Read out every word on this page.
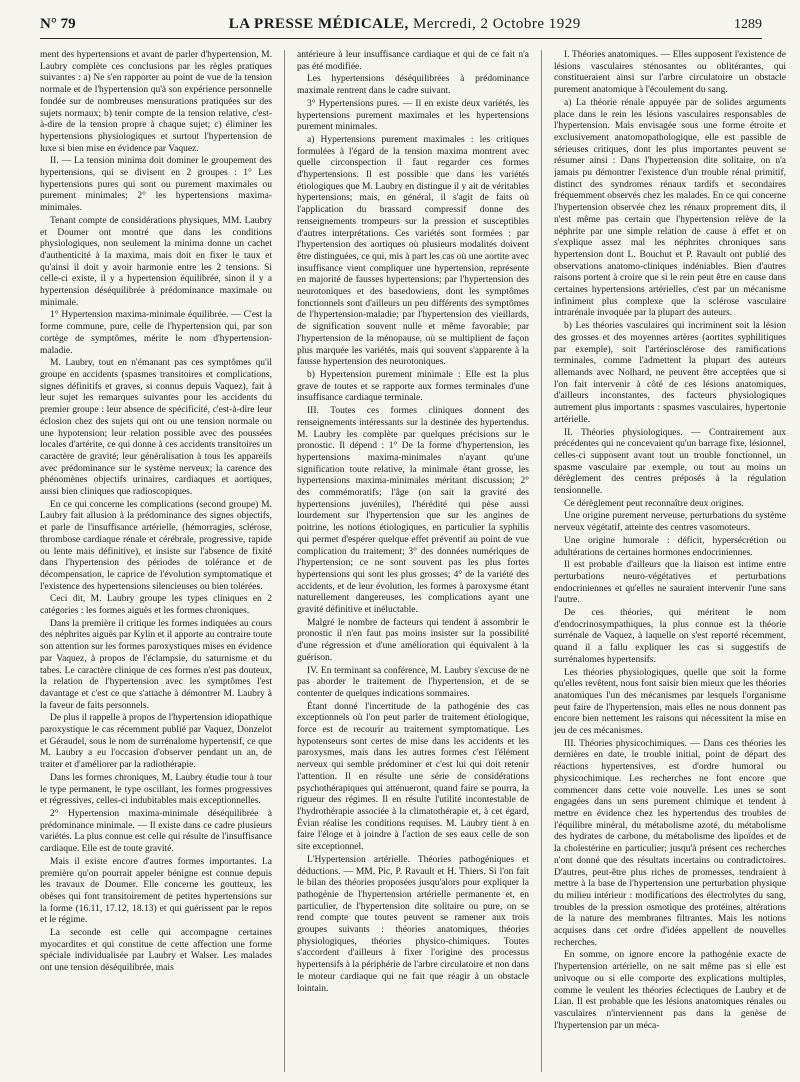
N° 79	LA PRESSE MÉDICALE, Mercredi, 2 Octobre 1929	1289

ment des hypertensions et avant de parler d'hypertension, M. Laubry complète ces conclusions par les règles pratiques suivantes : a) Ne s'en rapporter au point de vue de la tension normale et de l'hypertension qu'à son expérience personnelle fondée sur de nombreuses mensurations pratiquées sur des sujets normaux; b) tenir compte de la tension relative, c'est-à-dire de la tension propre à chaque sujet; c) éliminer les hypertensions physiologiques et surtout l'hypertension de luxe si bien mise en évidence par Vaquez.

II. — La tension minima doit dominer le groupement des hypertensions, qui se divisent en 2 groupes : 1° Les hypertensions pures qui sont ou purement maximales ou purement minimales; 2° les hypertensions maxima-minimales.

Tenant compte de considérations physiques, MM. Laubry et Doumer ont montré que dans les conditions physiologiques, non seulement la minima donne un cachet d'authenticité à la maxima, mais doit en fixer le taux et qu'ainsi il doit y avoir harmonie entre les 2 tensions. Si celle-ci existe, il y a hypertension équilibrée, sinon il y a hypertension déséquilibrée à prédominance maximale ou minimale.

1° Hypertension maxima-minimale équilibrée. — C'est la forme commune, pure, celle de l'hypertension qui, par son cortège de symptômes, mérite le nom d'hypertension-maladie.

M. Laubry, tout en n'émanant pas ces symptômes qu'il groupe en accidents (spasmes transitoires et complications, signes définitifs et graves, si connus depuis Vaquez), fait à leur sujet les remarques suivantes pour les accidents du premier groupe : leur absence de spécificité, c'est-à-dire leur éclosion chez des sujets qui ont ou une tension normale ou une hypotension; leur relation possible avec des poussées locales d'artérite, ce qui donne à ces accidents transitoires un caractère de gravité; leur généralisation à tous les appareils avec prédominance sur le système nerveux; la carence des phénomènes objectifs urinaires, cardiaques et aortiques, aussi bien cliniques que radioscopiques.

En ce qui concerne les complications (second groupe) M. Laubry fait allusion à la prédominance des signes objectifs, et parle de l'insuffisance artérielle, (hémorragies, sclérose, thrombose cardiaque rénale et cérébrale, progressive, rapide ou lente mais définitive), et insiste sur l'absence de fixité dans l'hypertension des périodes de tolérance et de décompensation, le caprice de l'évolution symptomatique et l'existence des hypertensions silencieuses ou bien tolérées.

Ceci dit, M. Laubry groupe les types cliniques en 2 catégories : les formes aiguës et les formes chroniques.

Dans la première il critique les formes indiquées au cours des néphrites aiguës par Kylin et il apporte au contraire toute son attention sur les formes paroxystiques mises en évidence par Vaquez, à propos de l'éclampsie, du saturnisme et du tabes. Le caractère clinique de ces formes n'est pas douteux, la relation de l'hypertension avec les symptômes l'est davantage et c'est ce que s'attache à démontrer M. Laubry à la faveur de faits personnels.

De plus il rappelle à propos de l'hypertension idiopathique paroxystique le cas récemment publié par Vaquez, Donzelot et Géraudel, sous le nom de surrénalome hypertensif, ce que M. Laubry a eu l'occasion d'observer pendant un an, de traiter et d'améliorer par la radiothérapie.

Dans les formes chroniques, M. Laubry étudie tour à tour le type permanent, le type oscillant, les formes progressives et régressives, celles-ci indubitables mais exceptionnelles.

2° Hypertension maxima-minimale déséquilibrée à prédominance minimale. — Il existe dans ce cadre plusieurs variétés. La plus connue est celle qui résulte de l'insuffisance cardiaque. Elle est de toute gravité.

Mais il existe encore d'autres formes importantes. La première qu'on pourrait appeler bénigne est connue depuis les travaux de Doumer. Elle concerne les goutteux, les obèses qui font transitoirement de petites hypertensions sur la forme (16.11, 17.12, 18.13) et qui guérissent par le repos et le régime.

La seconde est celle qui accompagne certaines myocardites et qui constitue de cette affection une forme spéciale individualisée par Laubry et Walser. Les malades ont une tension déséquilibrée, mais

antérieure à leur insuffisance cardiaque et qui de ce fait n'a pas été modifiée.

Les hypertensions déséquilibrées à prédominance maximale rentrent dans le cadre suivant.

3° Hypertensions pures. — Il en existe deux variétés, les hypertensions purement maximales et les hypertensions purement minimales.

a) Hypertensions purement maximales : les critiques formulées à l'égard de la tension maxima montrent avec quelle circonspection il faut regarder ces formes d'hypertensions. Il est possible que dans les variétés étiologiques que M. Laubry en distingue il y ait de véritables hypertensions; mais, en général, il s'agit de faits où l'application du brassard compressif donne des renseignements trompeurs sur la pression et susceptibles d'autres interprétations. Ces variétés sont formées : par l'hypertension des aortiques où plusieurs modalités doivent être distinguées, ce qui, mis à part les cas où une aortite avec insuffisance vient compliquer une hypertension, représente en majorité de fausses hypertensions; par l'hypertension des neurotoniques et des basedowiens, dont les symptômes fonctionnels sont d'ailleurs un peu différents des symptômes de l'hypertension-maladie; par l'hypertension des vieillards, de signification souvent nulle et même favorable; par l'hypertension de la ménopause, où se multiplient de façon plus marquée les variétés, mais qui souvent s'apparente à la fausse hypertension des neurotoniques.

b) Hypertension purement minimale : Elle est la plus grave de toutes et se rapporte aux formes terminales d'une insuffisance cardiaque terminale.

III. Toutes ces formes cliniques donnent des renseignements intéressants sur la destinée des hypertendus. M. Laubry les complète par quelques précisions sur le pronostic. Il dépend : 1° De la forme d'hypertension, les hypertensions maxima-minimales n'ayant qu'une signification toute relative, la minimale étant grosse, les hypertensions maxima-minimales méritant discussion; 2° des commémoratifs; l'âge (on sait la gravité des hypertensions juvéniles), l'hérédité qui pèse aussi lourdement sur l'hypertension que sur les angines de poitrine, les notions étiologiques, en particulier la syphilis qui permet d'espérer quelque effet préventif au point de vue complication du traitement; 3° des données numériques de l'hypertension; ce ne sont souvent pas les plus fortes hypertensions qui sont les plus grosses; 4° de la variété des accidents, et de leur évolution, les formes à paroxysme étant naturellement dangereuses, les complications ayant une gravité définitive et inéluctable.

Malgré le nombre de facteurs qui tendent à assombrir le pronostic il n'en faut pas moins insister sur la possibilité d'une régression et d'une amélioration qui équivalent à la guérison.

IV. En terminant sa conférence, M. Laubry s'excuse de ne pas aborder le traitement de l'hypertension, et de se contenter de quelques indications sommaires.

Étant donné l'incertitude de la pathogénie des cas exceptionnels où l'on peut parler de traitement étiologique, force est de recourir au traitement symptomatique. Les hypotenseurs sont certes de mise dans les accidents et les paroxysmes, mais dans les autres formes c'est l'élément nerveux qui semble prédominer et c'est lui qui doit retenir l'attention. Il en résulte une série de considérations psychothérapiques qui atténueront, quand faire se pourra, la rigueur des régimes. Il en résulte l'utilité incontestable de l'hydrothérapie associée à la climatothérapie et, à cet égard, Évian réalise les conditions requises. M. Laubry tient à en faire l'éloge et à joindre à l'action de ses eaux celle de son site exceptionnel.

L'Hypertension artérielle. Théories pathogéniques et déductions. — MM. Pic, P. Ravault et H. Thiers. Si l'on fait le bilan des théories proposées jusqu'alors pour expliquer la pathogénie de l'hypertension artérielle permanente et, en particulier, de l'hypertension dite solitaire ou pure, on se rend compte que toutes peuvent se ramener aux trois groupes suivants : théories anatomiques, théories physiologiques, théories physico-chimiques. Toutes s'accordent d'ailleurs à fixer l'origine des processus hypertensifs à la périphérie de l'arbre circulatoire et non dans le moteur cardiaque qui ne fait que réagir à un obstacle lointain.

I. Théories anatomiques. — Elles supposent l'existence de lésions vasculaires sténosantes ou oblitérantes, qui constitueraient ainsi sur l'arbre circulatoire un obstacle purement anatomique à l'écoulement du sang.

a) La théorie rénale appuyée par de solides arguments place dans le rein les lésions vasculaires responsables de l'hypertension. Mais envisagée sous une forme étroite et exclusivement anatomopathologique, elle est passible de sérieuses critiques, dont les plus importantes peuvent se résumer ainsi : Dans l'hypertension dite solitaire, on n'a jamais pu démontrer l'existence d'un trouble rénal primitif, distinct des syndromes rénaux tardifs et secondaires fréquemment observés chez les malades. En ce qui concerne l'hypertension observée chez les rénaux proprement dits, il n'est même pas certain que l'hypertension relève de la néphrite par une simple relation de cause à effet et on s'explique assez mal les néphrites chroniques sans hypertension dont L. Bouchut et P. Ravault ont publié des observations anatomo-cliniques indéniables. Bien d'autres raisons portent à croire que si le rein peut être en cause dans certaines hypertensions artérielles, c'est par un mécanisme infiniment plus complexe que la sclérose vasculaire intrarénale invoquée par la plupart des auteurs.

b) Les théories vasculaires qui incriminent soit la lésion des grosses et des moyennes artères (aortites syphilitiques par exemple), soit l'artériosclérose des ramifications terminales, comme l'admettent la plupart des auteurs allemands avec Nolhard, ne peuvent être acceptées que si l'on fait intervenir à côté de ces lésions anatomiques, d'ailleurs inconstantes, des facteurs physiologiques autrement plus importants : spasmes vasculaires, hypertonie artérielle.

II. Théories physiologiques. — Contrairement aux précédentes qui ne concevaient qu'un barrage fixe, lésionnel, celles-ci supposent avant tout un trouble fonctionnel, un spasme vasculaire par exemple, ou tout au moins un dérèglement des centres préposés à la régulation tensionnelle.

Ce dérèglement peut reconnaître deux origines.

Une origine purement nerveuse, perturbations du système nerveux végétatif, atteinte des centres vasomoteurs.

Une origine humorale : déficit, hypersécrétion ou adultérations de certaines hormones endocriniennes.

Il est probable d'ailleurs que la liaison est intime entre perturbations neuro-végétatives et perturbations endocriniennes et qu'elles ne sauraient intervenir l'une sans l'autre.

De ces théories, qui méritent le nom d'endocrinosympathiques, la plus connue est la théorie surrénale de Vaquez, à laquelle on s'est reporté récemment, quand il a fallu expliquer les cas si suggestifs de surrénalomes hypertensifs.

Les théories physiologiques, quelle que soit la forme qu'elles revêtent, nous font saisir bien mieux que les théories anatomiques l'un des mécanismes par lesquels l'organisme peut faire de l'hypertension, mais elles ne nous donnent pas encore bien nettement les raisons qui nécessitent la mise en jeu de ces mécanismes.

III. Théories physicochimiques. — Dans ces théories les dernières en date, le trouble initial, point de départ des réactions hypertensives, est d'ordre humoral ou physicochimique. Les recherches ne font encore que commencer dans cette voie nouvelle. Les unes se sont engagées dans un sens purement chimique et tendent à mettre en évidence chez les hypertendus des troubles de l'équilibre minéral, du métabolisme azoté, du métabolisme des hydrates de carbone, du métabolisme des lipoïdes et de la cholestérine en particulier; jusqu'à présent ces recherches n'ont donné que des résultats incertains ou contradictoires. D'autres, peut-être plus riches de promesses, tendraient à mettre à la base de l'hypertension une perturbation physique du milieu intérieur : modifications des électrolytes du sang, troubles de la pression osmotique des protéines, altérations de la nature des membranes filtrantes. Mais les notions acquises dans cet ordre d'idées appellent de nouvelles recherches.

En somme, on ignore encore la pathogénie exacte de l'hypertension artérielle, on ne sait même pas si elle est univoque ou si elle comporte des explications multiples, comme le veulent les théories éclectiques de Laubry et de Lian. Il est probable que les lésions anatomiques rénales ou vasculaires n'interviennent pas dans la genèse de l'hypertension par un méca-
